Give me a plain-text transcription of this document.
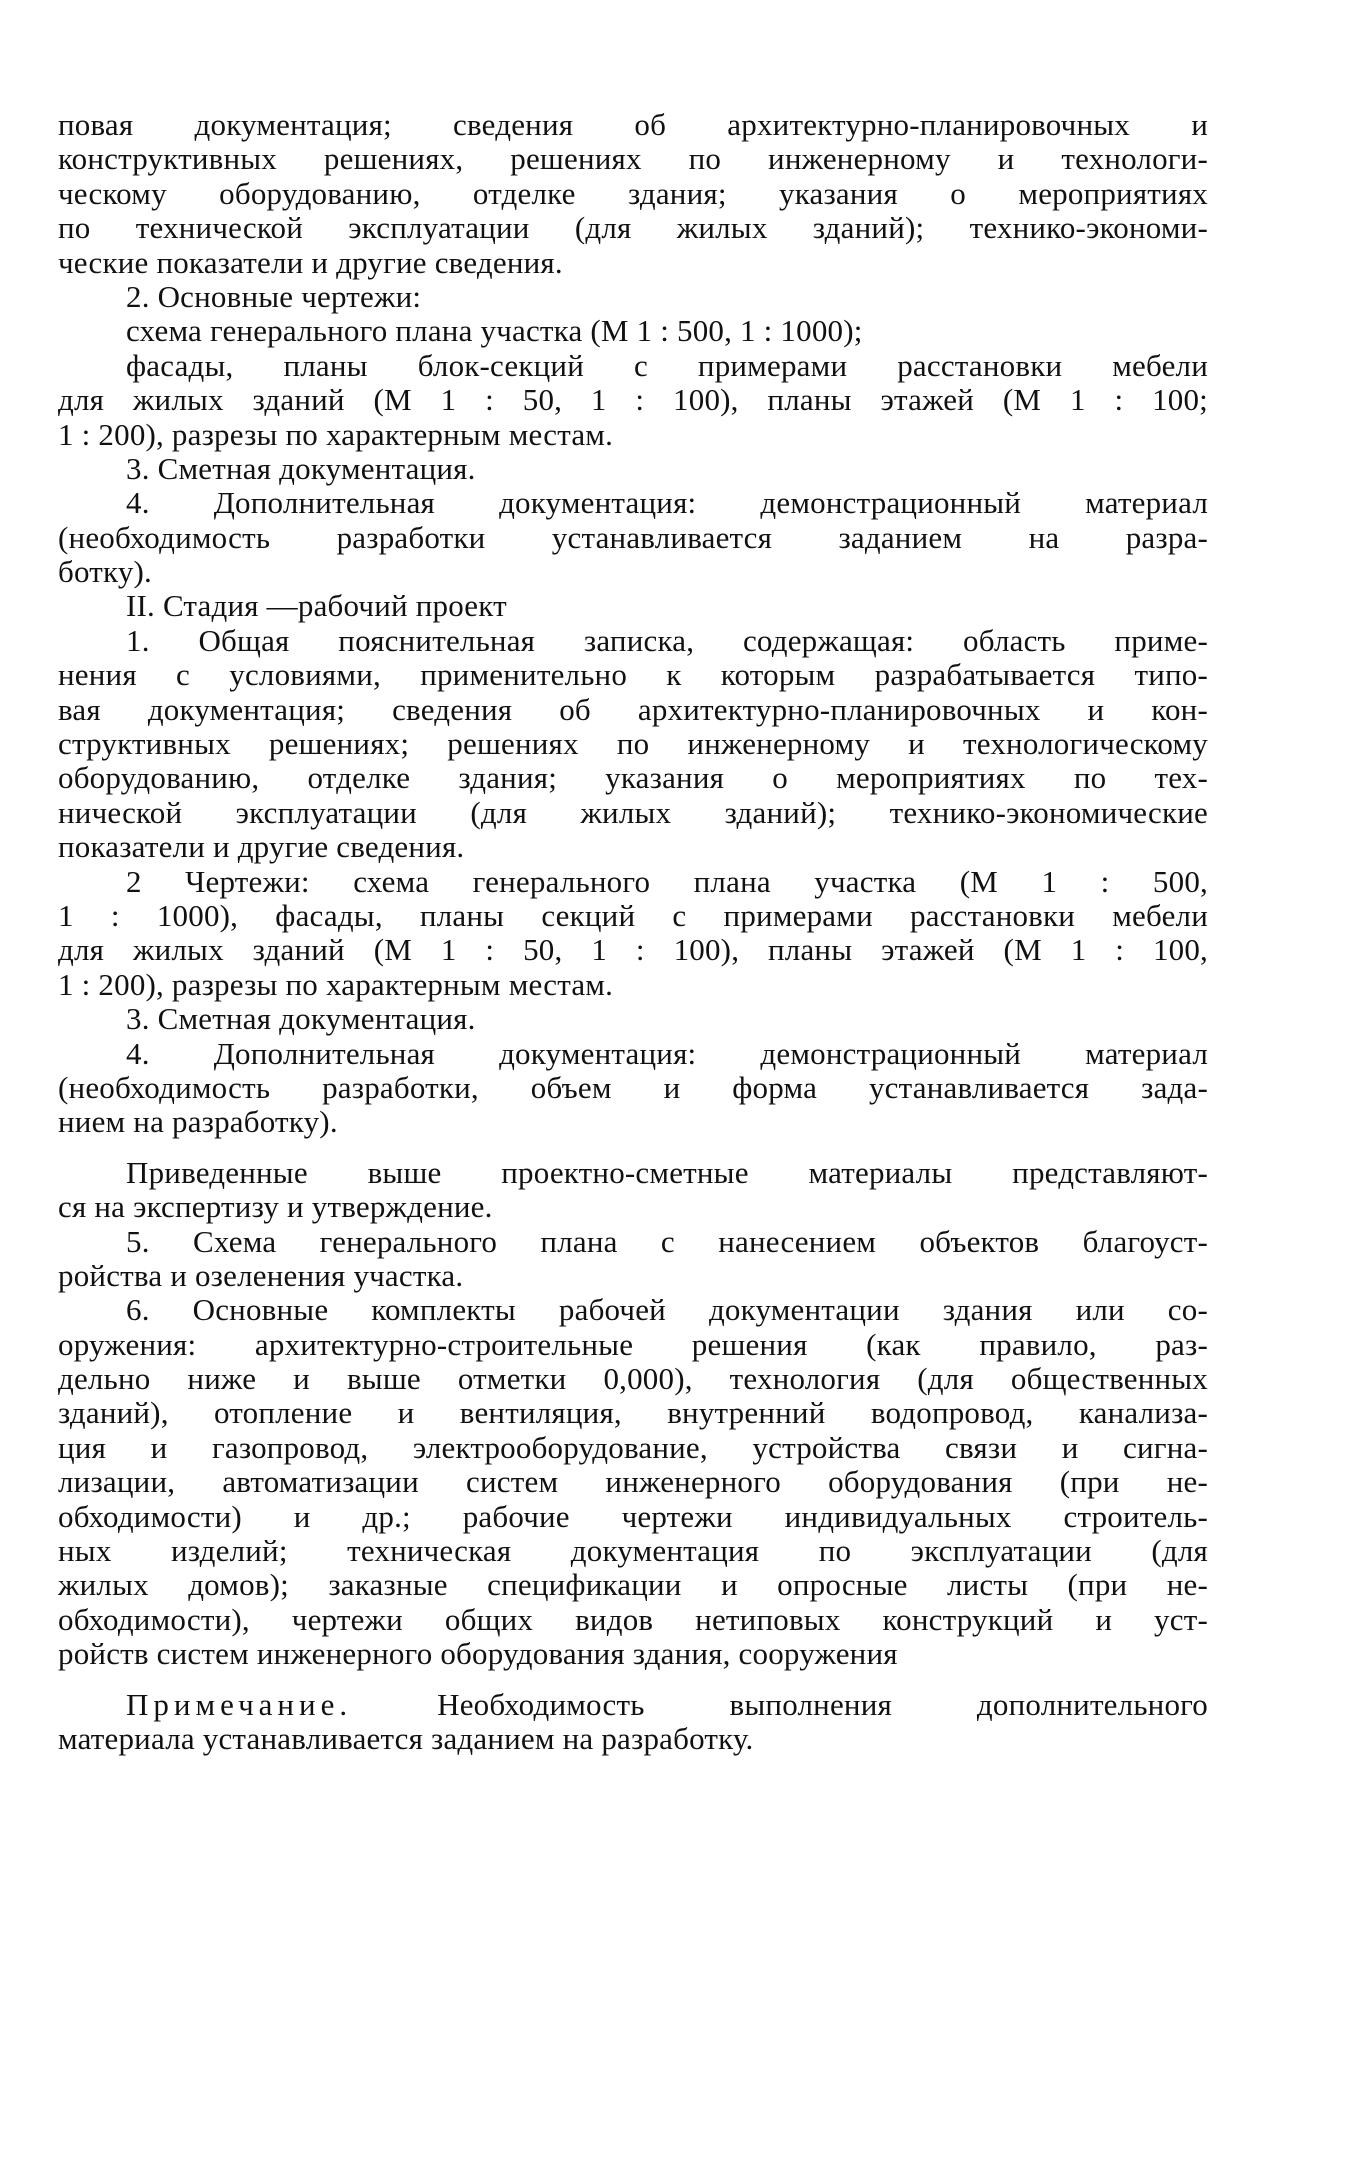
повая документация; сведения об архитектурно-планировочных и
конструктивных решениях, решениях по инженерному и технологи-
ческому оборудованию, отделке здания; указания о мероприятиях
по технической эксплуатации (для жилых зданий); технико-экономи-
ческие показатели и другие сведения.
2. Основные чертежи:
схема генерального плана участка (М 1 : 500, 1 : 1000);
фасады, планы блок-секций с примерами расстановки мебели
для жилых зданий (М 1 : 50, 1 : 100), планы этажей (М 1 : 100;
1 : 200), разрезы по характерным местам.
3. Сметная документация.
4. Дополнительная документация: демонстрационный материал
(необходимость разработки устанавливается заданием на разра-
ботку).
II. Стадия —рабочий проект
1. Общая пояснительная записка, содержащая: область приме-
нения с условиями, применительно к которым разрабатывается типо-
вая документация; сведения об архитектурно-планировочных и кон-
структивных решениях; решениях по инженерному и технологическому
оборудованию, отделке здания; указания о мероприятиях по тех-
нической эксплуатации (для жилых зданий); технико-экономические
показатели и другие сведения.
2 Чертежи: схема генерального плана участка (М 1 : 500,
1 : 1000), фасады, планы секций с примерами расстановки мебели
для жилых зданий (М 1 : 50, 1 : 100), планы этажей (М 1 : 100,
1 : 200), разрезы по характерным местам.
3. Сметная документация.
4. Дополнительная документация: демонстрационный материал
(необходимость разработки, объем и форма устанавливается зада-
нием на разработку).
Приведенные выше проектно-сметные материалы представляют-
ся на экспертизу и утверждение.
5. Схема генерального плана с нанесением объектов благоуст-
ройства и озеленения участка.
6. Основные комплекты рабочей документации здания или со-
оружения: архитектурно-строительные решения (как правило, раз-
дельно ниже и выше отметки 0,000), технология (для общественных
зданий), отопление и вентиляция, внутренний водопровод, канализа-
ция и газопровод, электрооборудование, устройства связи и сигна-
лизации, автоматизации систем инженерного оборудования (при не-
обходимости) и др.; рабочие чертежи индивидуальных строитель-
ных изделий; техническая документация по эксплуатации (для
жилых домов); заказные спецификации и опросные листы (при не-
обходимости), чертежи общих видов нетиповых конструкций и уст-
ройств систем инженерного оборудования здания, сооружения
Примечание.	Необходимость выполнения дополнительного
материала устанавливается заданием на разработку.
